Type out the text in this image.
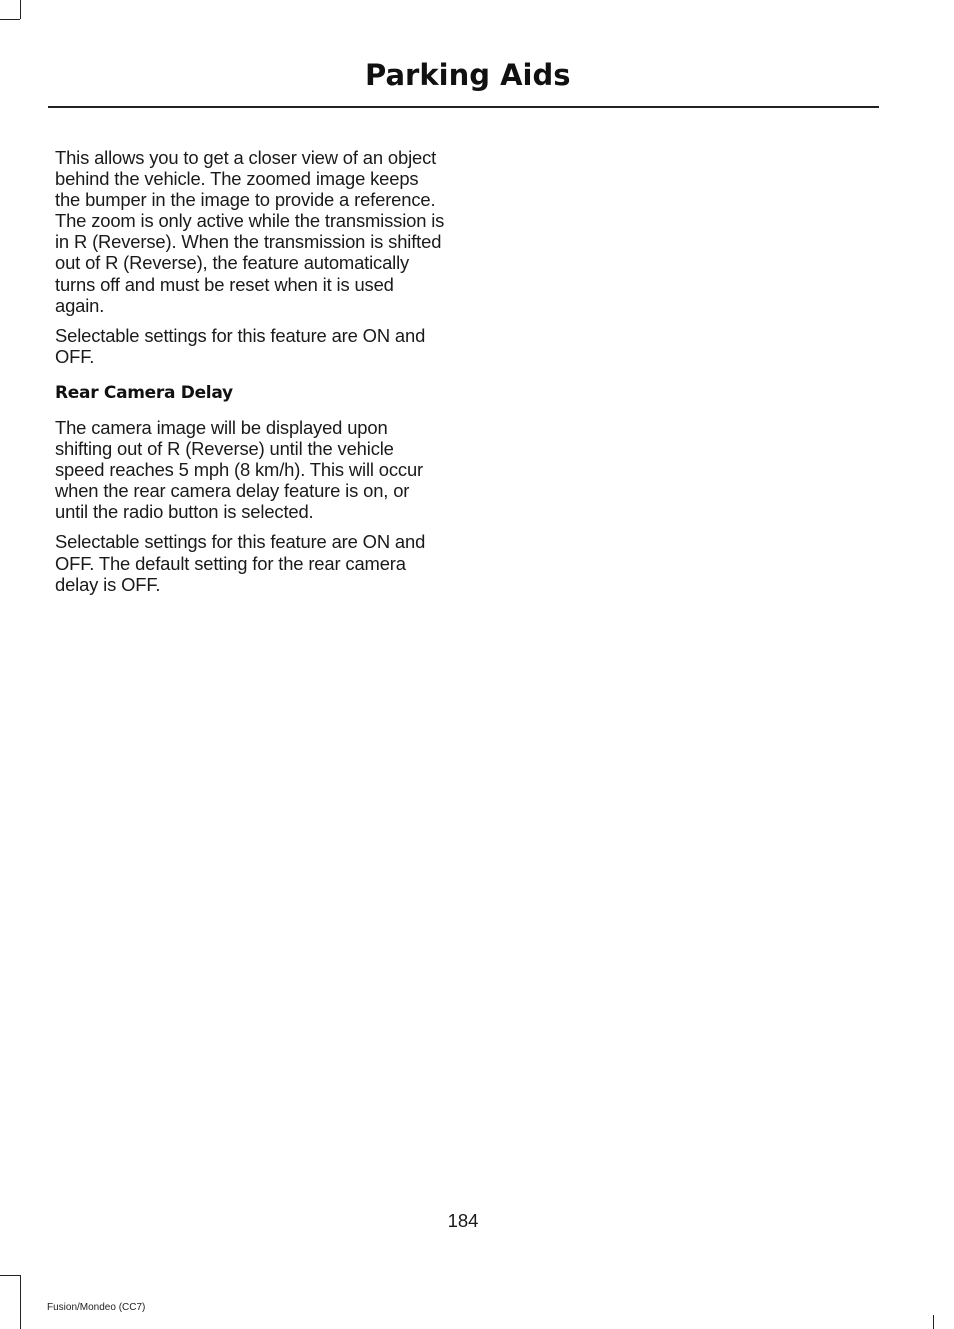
Parking Aids

This allows you to get a closer view of an object behind the vehicle. The zoomed image keeps the bumper in the image to provide a reference. The zoom is only active while the transmission is in R (Reverse). When the transmission is shifted out of R (Reverse), the feature automatically turns off and must be reset when it is used again.

Selectable settings for this feature are ON and OFF.

Rear Camera Delay

The camera image will be displayed upon shifting out of R (Reverse) until the vehicle speed reaches 5 mph (8 km/h). This will occur when the rear camera delay feature is on, or until the radio button is selected.

Selectable settings for this feature are ON and OFF. The default setting for the rear camera delay is OFF.

184
Fusion/Mondeo (CC7)
